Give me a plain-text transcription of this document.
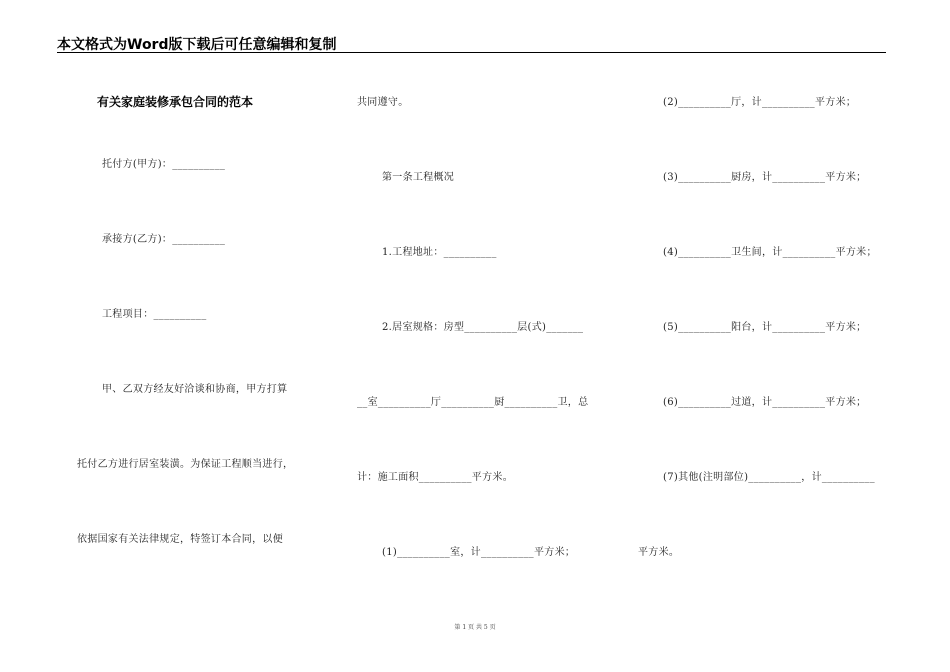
本文格式为Word版下载后可任意编辑和复制
有关家庭装修承包合同的范本
托付方(甲方)：__________
承接方(乙方)：__________
工程项目：__________
甲、乙双方经友好洽谈和协商，甲方打算
托付乙方进行居室装潢。为保证工程顺当进行，
依据国家有关法律规定，特签订本合同，以便
共同遵守。
第一条工程概况
1.工程地址：__________
2.居室规格：房型__________层(式)_______
__室__________厅__________厨__________卫，总
计：施工面积__________平方米。
(1)__________室，计__________平方米；
(2)__________厅，计__________平方米；
(3)__________厨房，计__________平方米；
(4)__________卫生间，计__________平方米；
(5)__________阳台，计__________平方米；
(6)__________过道，计__________平方米；
(7)其他(注明部位)__________，计__________
平方米。
第 1 页 共 5 页
